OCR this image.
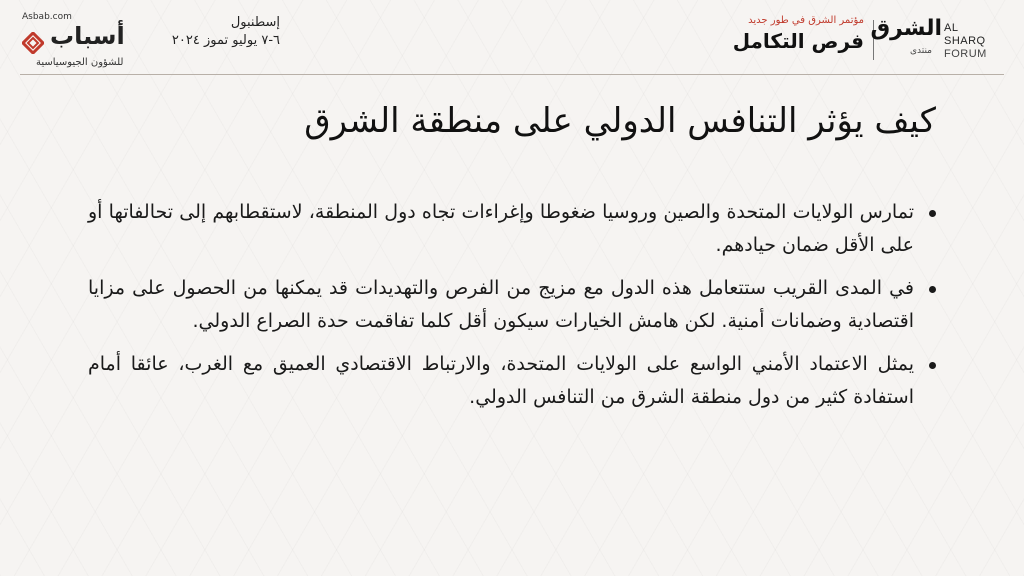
Asbab.com
أسباب
للشؤون الجيوسياسية
إسطنبول
٦-٧ يوليو تموز ٢٠٢٤
مؤتمر الشرق في طور جديد
فرص التكامل الشرق
منتدى
AL SHARQ
FORUM
كيف يؤثر التنافس الدولي على منطقة الشرق
تمارس الولايات المتحدة والصين وروسيا ضغوطا وإغراءات تجاه دول المنطقة، لاستقطابهم إلى تحالفاتها أو على الأقل ضمان حيادهم.
في المدى القريب ستتعامل هذه الدول مع مزيج من الفرص والتهديدات قد يمكنها من الحصول على مزايا اقتصادية وضمانات أمنية. لكن هامش الخيارات سيكون أقل كلما تفاقمت حدة الصراع الدولي.
يمثل الاعتماد الأمني الواسع على الولايات المتحدة، والارتباط الاقتصادي العميق مع الغرب، عائقا أمام استفادة كثير من دول منطقة الشرق من التنافس الدولي.
